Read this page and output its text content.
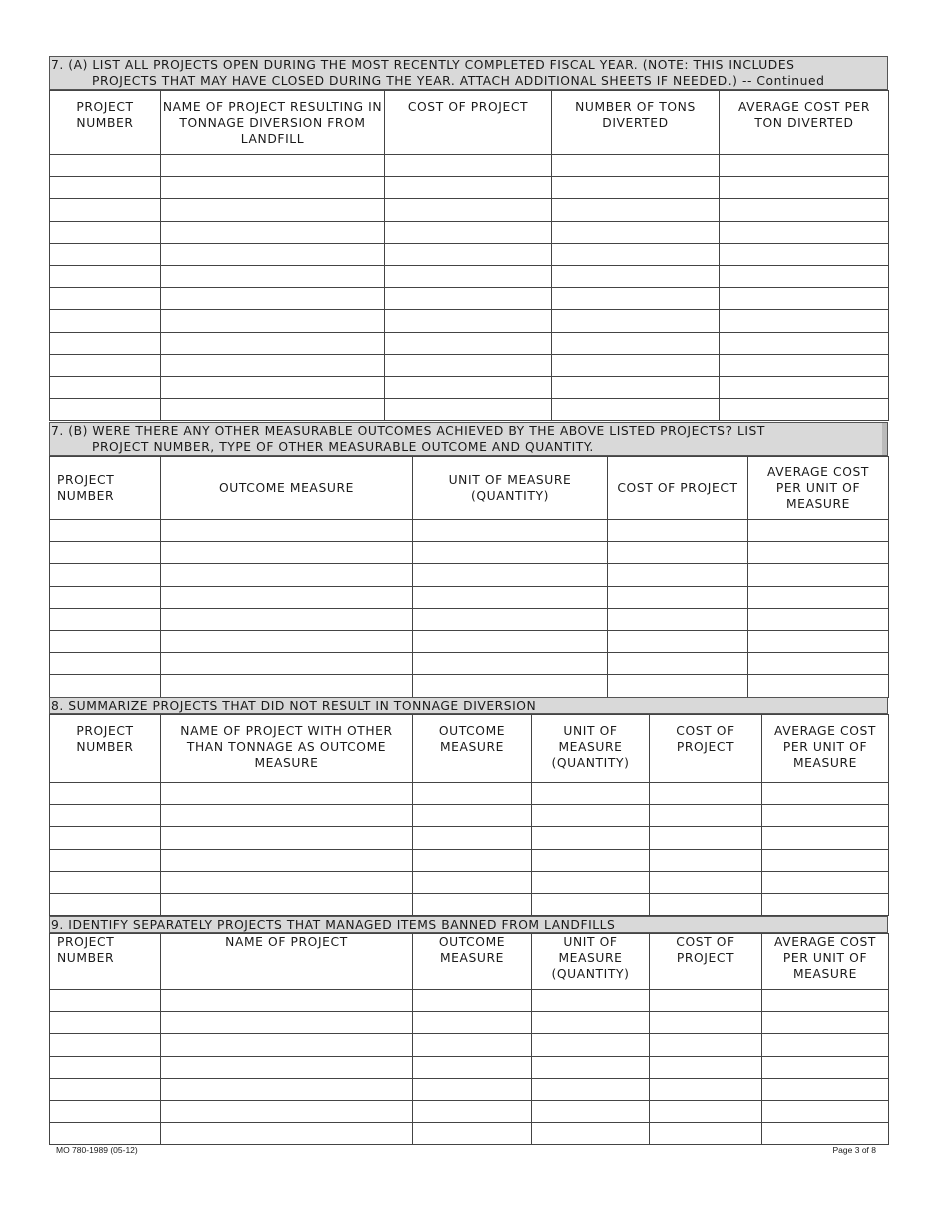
7. (A) LIST ALL PROJECTS OPEN DURING THE MOST RECENTLY COMPLETED FISCAL YEAR. (NOTE: THIS INCLUDES
PROJECTS THAT MAY HAVE CLOSED DURING THE YEAR. ATTACH ADDITIONAL SHEETS IF NEEDED.) -- Continued
PROJECT NUMBER	NAME OF PROJECT RESULTING IN TONNAGE DIVERSION FROM LANDFILL	COST OF PROJECT	NUMBER OF TONS DIVERTED	AVERAGE COST PER TON DIVERTED

7. (B) WERE THERE ANY OTHER MEASURABLE OUTCOMES ACHIEVED BY THE ABOVE LISTED PROJECTS? LIST
PROJECT NUMBER, TYPE OF OTHER MEASURABLE OUTCOME AND QUANTITY.
PROJECT NUMBER	OUTCOME MEASURE	UNIT OF MEASURE (QUANTITY)	COST OF PROJECT	AVERAGE COST PER UNIT OF MEASURE

8. SUMMARIZE PROJECTS THAT DID NOT RESULT IN TONNAGE DIVERSION
PROJECT NUMBER	NAME OF PROJECT WITH OTHER THAN TONNAGE AS OUTCOME MEASURE	OUTCOME MEASURE	UNIT OF MEASURE (QUANTITY)	COST OF PROJECT	AVERAGE COST PER UNIT OF MEASURE

9. IDENTIFY SEPARATELY PROJECTS THAT MANAGED ITEMS BANNED FROM LANDFILLS
PROJECT NUMBER	NAME OF PROJECT	OUTCOME MEASURE	UNIT OF MEASURE (QUANTITY)	COST OF PROJECT	AVERAGE COST PER UNIT OF MEASURE

MO 780-1989 (05-12)	Page 3 of 8
